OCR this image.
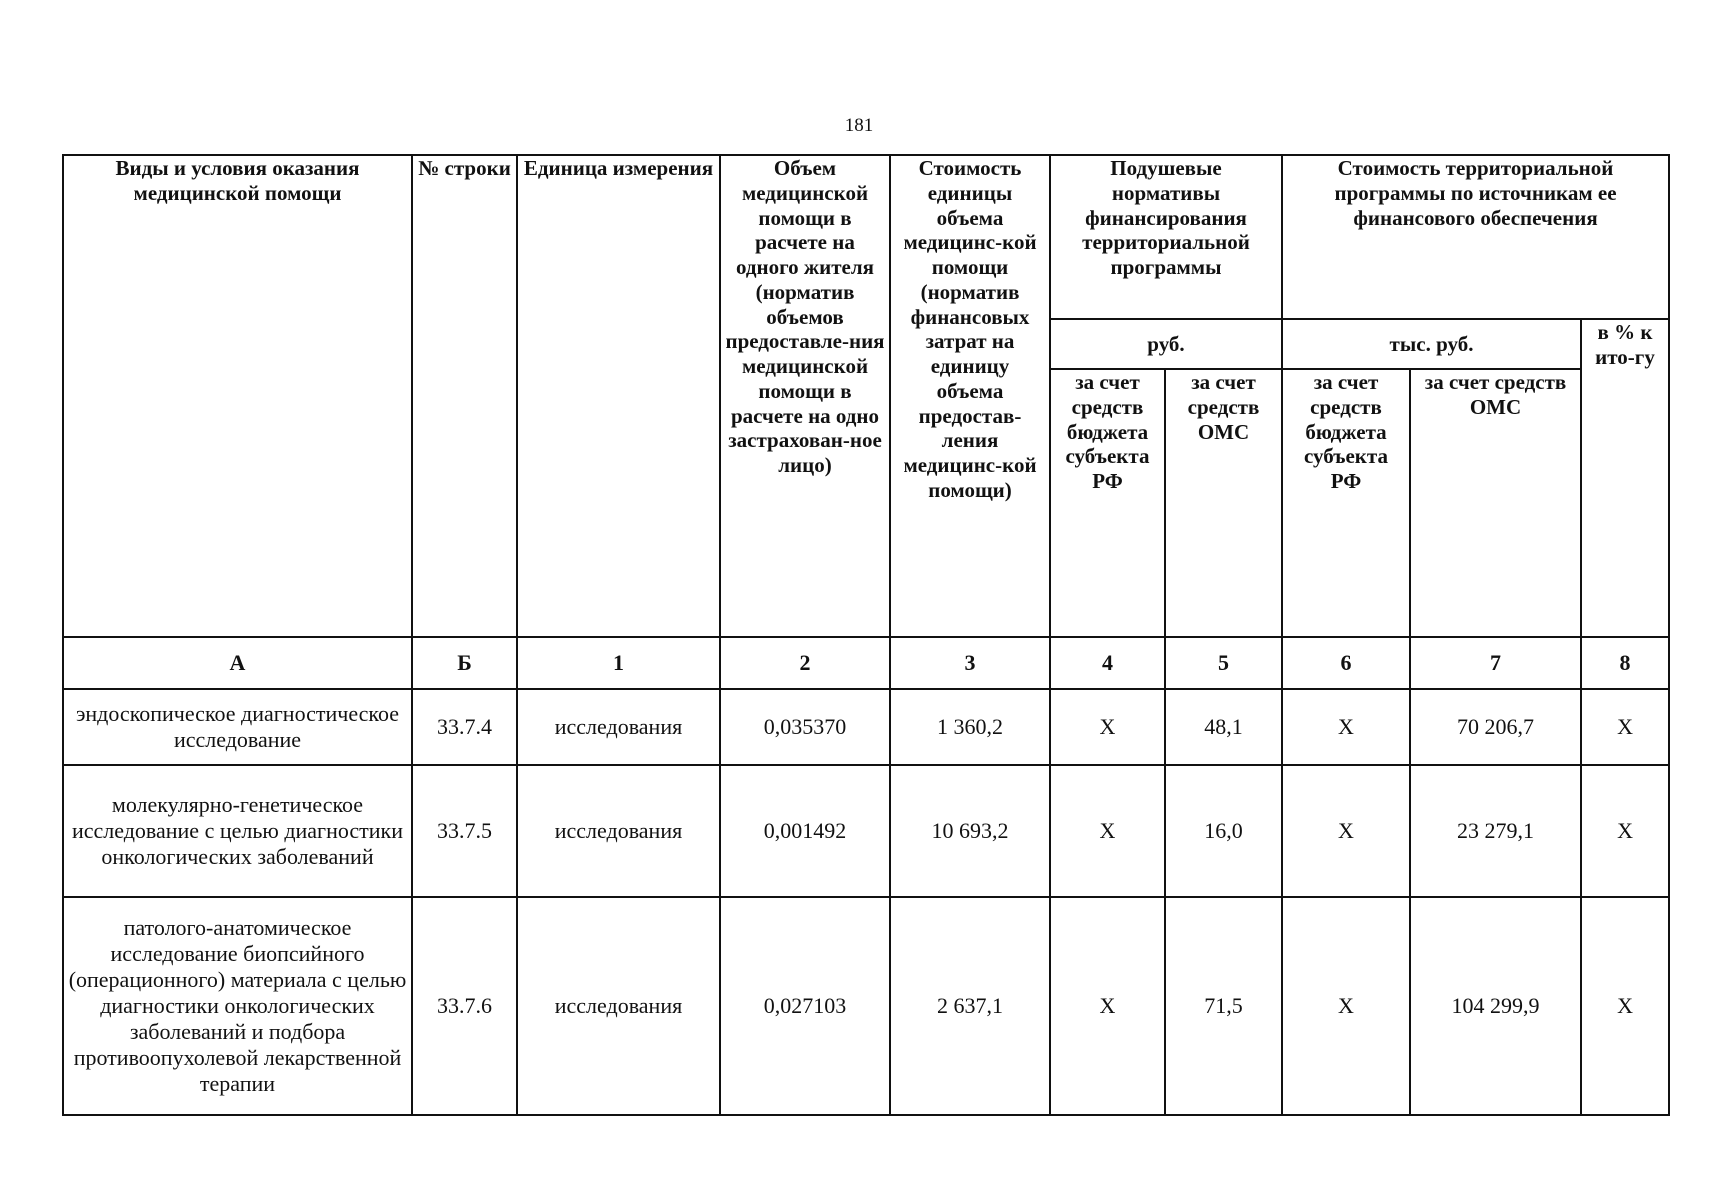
181
Виды и условия оказания медицинской помощи	№ строки	Единица измерения	Объем медицинской помощи в расчете на одного жителя (норматив объемов предоставле-ния медицинской помощи в расчете на одно застрахован-ное лицо)	Стоимость единицы объема медицинс-кой помощи (норматив финансовых затрат на единицу объема предостав-ления медицинс-кой помощи)	Подушевые нормативы финансирования территориальной программы		Стоимость территориальной программы по источникам ее финансового обеспечения		
					руб.		тыс. руб.		в % к ито-гу
					за счет средств бюджета субъекта РФ	за счет средств ОМС	за счет средств бюджета субъекта РФ	за счет средств ОМС	
А	Б	1	2	3	4	5	6	7	8
эндоскопическое диагностическое исследование	33.7.4	исследования	0,035370	1 360,2	Х	48,1	Х	70 206,7	Х
молекулярно-генетическое исследование с целью диагностики онкологических заболеваний	33.7.5	исследования	0,001492	10 693,2	Х	16,0	Х	23 279,1	Х
патолого-анатомическое исследование биопсийного (операционного) материала с целью диагностики онкологических заболеваний и подбора противоопухолевой лекарственной терапии	33.7.6	исследования	0,027103	2 637,1	Х	71,5	Х	104 299,9	Х
